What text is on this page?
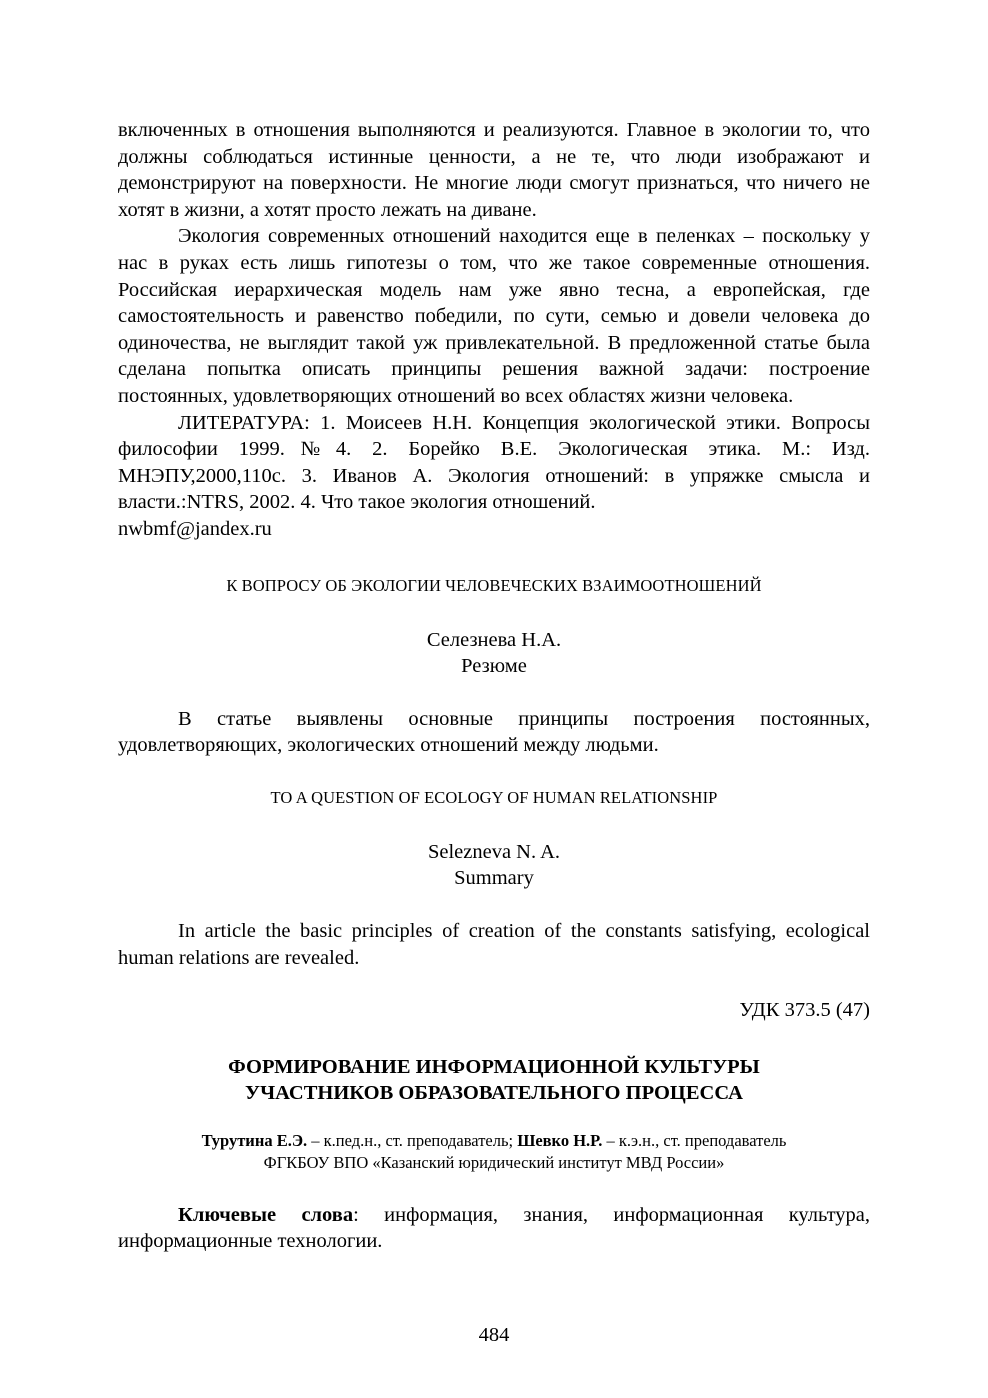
включенных в отношения выполняются и реализуются. Главное в экологии то, что должны соблюдаться истинные ценности, а не те, что люди изображают и демонстрируют на поверхности. Не многие люди смогут признаться, что ничего не хотят в жизни, а хотят просто лежать на диване.

Экология современных отношений находится еще в пеленках – поскольку у нас в руках есть лишь гипотезы о том, что же такое современные отношения. Российская иерархическая модель нам уже явно тесна, а европейская, где самостоятельность и равенство победили, по сути, семью и довели человека до одиночества, не выглядит такой уж привлекательной. В предложенной статье была сделана попытка описать принципы решения важной задачи: построение постоянных, удовлетворяющих отношений во всех областях жизни человека.

ЛИТЕРАТУРА: 1. Моисеев Н.Н. Концепция экологической этики. Вопросы философии 1999.№4. 2. Борейко В.Е. Экологическая этика. М.: Изд. МНЭПУ,2000,110с. 3. Иванов А. Экология отношений: в упряжке смысла и власти.:NTRS, 2002. 4. Что такое экология отношений.

nwbmf@jandex.ru

К ВОПРОСУ ОБ ЭКОЛОГИИ ЧЕЛОВЕЧЕСКИХ ВЗАИМООТНОШЕНИЙ

Селезнева Н.А.

Резюме

В статье выявлены основные принципы построения постоянных, удовлетворяющих, экологических отношений между людьми.

TO A QUESTION OF ECOLOGY OF HUMAN RELATIONSHIP

Selezneva N. A.

Summary

In article the basic principles of creation of the constants satisfying, ecological human relations are revealed.

УДК 373.5 (47)

ФОРМИРОВАНИЕ ИНФОРМАЦИОННОЙ КУЛЬТУРЫ

УЧАСТНИКОВ ОБРАЗОВАТЕЛЬНОГО ПРОЦЕССА

Турутина Е.Э. – к.пед.н., ст. преподаватель; Шевко Н.Р. – к.э.н., ст. преподаватель

ФГКБОУ ВПО «Казанский юридический институт МВД России»

Ключевые слова: информация, знания, информационная культура, информационные технологии.

484
